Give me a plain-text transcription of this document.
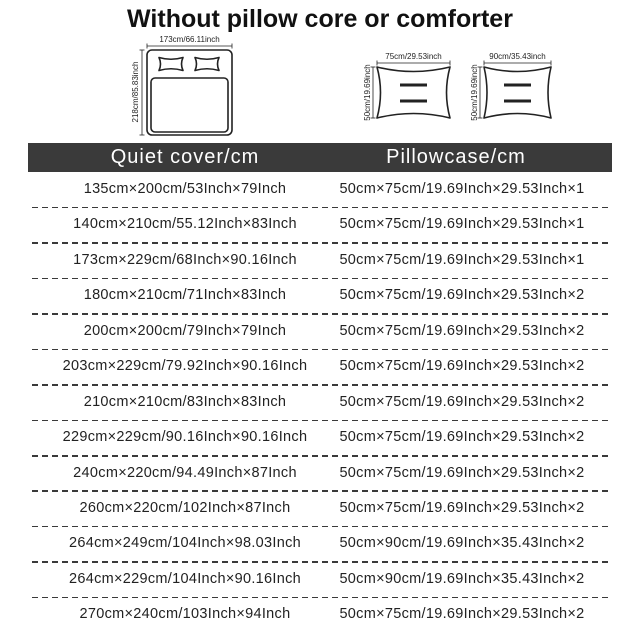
173cm/66.11inch
218cm/85.83inch
75cm/29.53inch
50cm/19.69inch
90cm/35.43inch
50cm/19.69inch
Without pillow core or comforter
Quiet cover/cm	Pillowcase/cm
135cm×200cm/53Inch×79Inch	50cm×75cm/19.69Inch×29.53Inch×1
140cm×210cm/55.12Inch×83Inch	50cm×75cm/19.69Inch×29.53Inch×1
173cm×229cm/68Inch×90.16Inch	50cm×75cm/19.69Inch×29.53Inch×1
180cm×210cm/71Inch×83Inch	50cm×75cm/19.69Inch×29.53Inch×2
200cm×200cm/79Inch×79Inch	50cm×75cm/19.69Inch×29.53Inch×2
203cm×229cm/79.92Inch×90.16Inch	50cm×75cm/19.69Inch×29.53Inch×2
210cm×210cm/83Inch×83Inch	50cm×75cm/19.69Inch×29.53Inch×2
229cm×229cm/90.16Inch×90.16Inch	50cm×75cm/19.69Inch×29.53Inch×2
240cm×220cm/94.49Inch×87Inch	50cm×75cm/19.69Inch×29.53Inch×2
260cm×220cm/102Inch×87Inch	50cm×75cm/19.69Inch×29.53Inch×2
264cm×249cm/104Inch×98.03Inch	50cm×90cm/19.69Inch×35.43Inch×2
264cm×229cm/104Inch×90.16Inch	50cm×90cm/19.69Inch×35.43Inch×2
270cm×240cm/103Inch×94Inch	50cm×75cm/19.69Inch×29.53Inch×2
